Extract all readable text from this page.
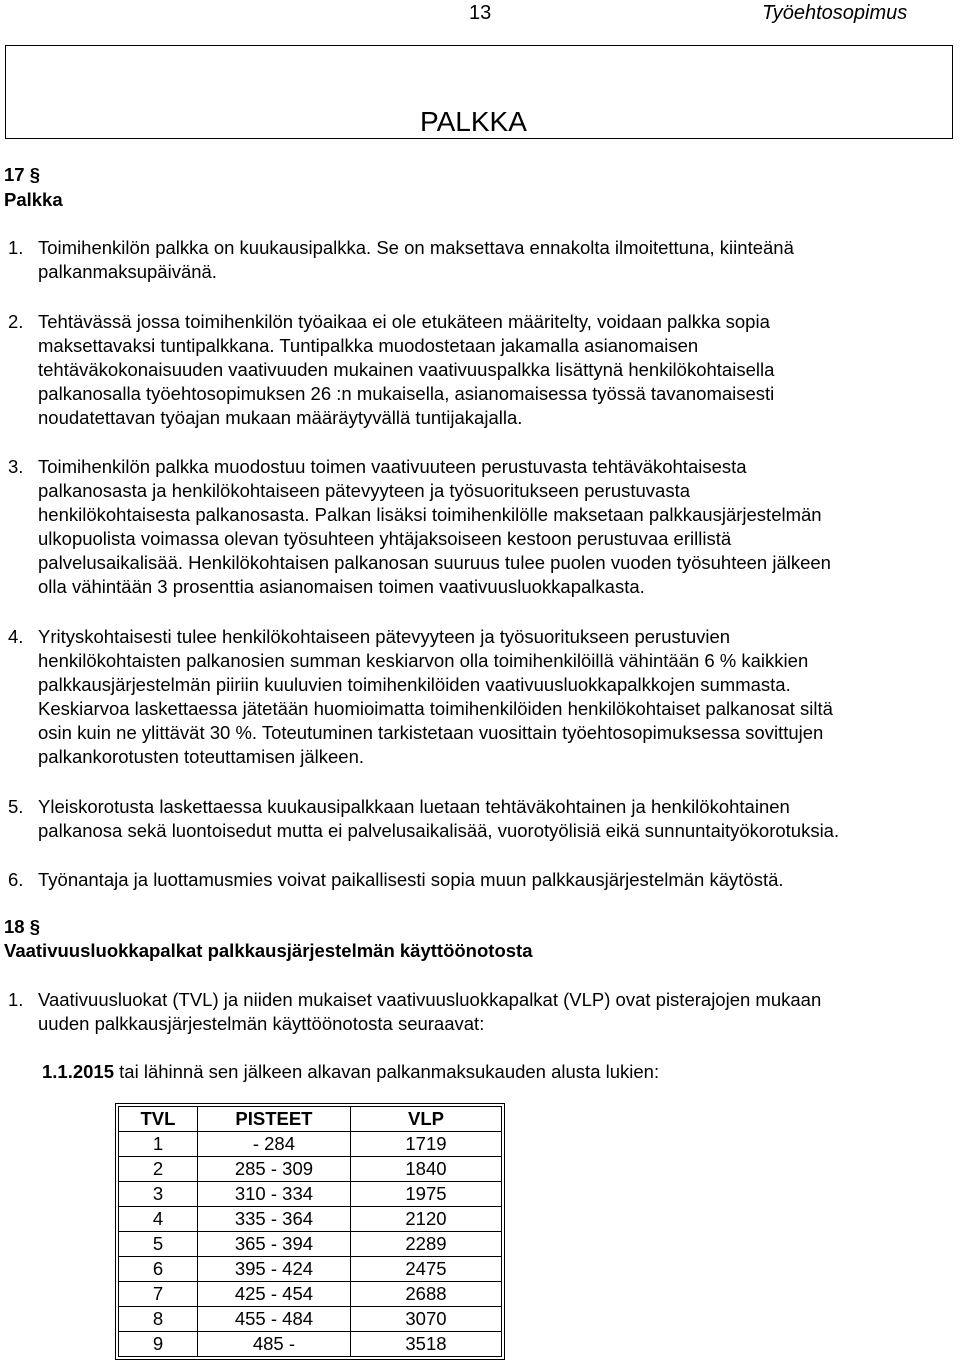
13	Työehtosopimus
PALKKA
17 §
Palkka
1. Toimihenkilön palkka on kuukausipalkka. Se on maksettava ennakolta ilmoitettuna, kiinteänä
palkanmaksupäivänä.
2. Tehtävässä jossa toimihenkilön työaikaa ei ole etukäteen määritelty, voidaan palkka sopia
maksettavaksi tuntipalkkana. Tuntipalkka muodostetaan jakamalla asianomaisen
tehtäväkokonaisuuden vaativuuden mukainen vaativuuspalkka lisättynä henkilökohtaisella
palkanosalla työehtosopimuksen 26 :n mukaisella, asianomaisessa työssä tavanomaisesti
noudatettavan työajan mukaan määräytyvällä tuntijakajalla.
3. Toimihenkilön palkka muodostuu toimen vaativuuteen perustuvasta tehtäväkohtaisesta
palkanosasta ja henkilökohtaiseen pätevyyteen ja työsuoritukseen perustuvasta
henkilökohtaisesta palkanosasta. Palkan lisäksi toimihenkilölle maksetaan palkkausjärjestelmän
ulkopuolista voimassa olevan työsuhteen yhtäjaksoiseen kestoon perustuvaa erillistä
palvelusaikalisää. Henkilökohtaisen palkanosan suuruus tulee puolen vuoden työsuhteen jälkeen
olla vähintään 3 prosenttia asianomaisen toimen vaativuusluokkapalkasta.
4. Yrityskohtaisesti tulee henkilökohtaiseen pätevyyteen ja työsuoritukseen perustuvien
henkilökohtaisten palkanosien summan keskiarvon olla toimihenkilöillä vähintään 6 % kaikkien
palkkausjärjestelmän piiriin kuuluvien toimihenkilöiden vaativuusluokkapalkkojen summasta.
Keskiarvoa laskettaessa jätetään huomioimatta toimihenkilöiden henkilökohtaiset palkanosat siltä
osin kuin ne ylittävät 30 %. Toteutuminen tarkistetaan vuosittain työehtosopimuksessa sovittujen
palkankorotusten toteuttamisen jälkeen.
5. Yleiskorotusta laskettaessa kuukausipalkkaan luetaan tehtäväkohtainen ja henkilökohtainen
palkanosa sekä luontoisedut mutta ei palvelusaikalisää, vuorotyölisiä eikä sunnuntaityökorotuksia.
6. Työnantaja ja luottamusmies voivat paikallisesti sopia muun palkkausjärjestelmän käytöstä.
18 §
Vaativuusluokkapalkat palkkausjärjestelmän käyttöönotosta
1. Vaativuusluokat (TVL) ja niiden mukaiset vaativuusluokkapalkat (VLP) ovat pisterajojen mukaan
uuden palkkausjärjestelmän käyttöönotosta seuraavat:
1.1.2015 tai lähinnä sen jälkeen alkavan palkanmaksukauden alusta lukien:
TVL	PISTEET	VLP
1	- 284	1719
2	285 - 309	1840
3	310 - 334	1975
4	335 - 364	2120
5	365 - 394	2289
6	395 - 424	2475
7	425 - 454	2688
8	455 - 484	3070
9	485 -	3518
